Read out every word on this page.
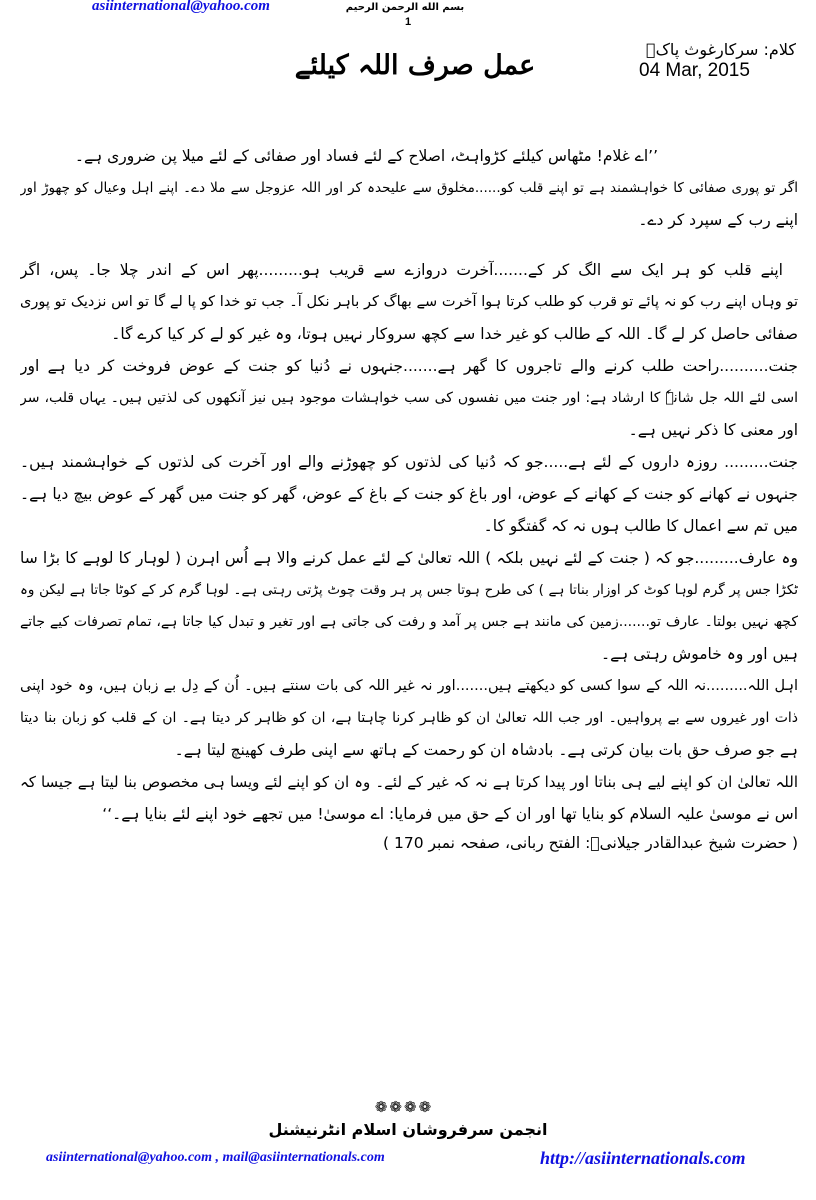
asiinternational@yahoo.com	بسم الله الرحمن الرحیم
1
عمل صرف اللہ کیلئے
کلام: سرکارغوث پاکؓ
04 Mar, 2015
’’اے غلام! مٹھاس کیلئے کڑواہٹ، اصلاح کے لئے فساد اور صفائی کے لئے میلا پن ضروری ہے۔
اگر تو پوری صفائی کا خواہشمند ہے تو اپنے قلب کو......مخلوق سے علیحدہ کر اور اللہ عزوجل سے ملا دے۔ اپنے اہل وعیال کو چھوڑ اور
اپنے رب کے سپرد کر دے۔
اپنے قلب کو ہر ایک سے الگ کر کے.......آخرت دروازے سے قریب ہو.........پھر اس کے اندر چلا جا۔ پس، اگر
تو وہاں اپنے رب کو نہ پائے تو قرب کو طلب کرتا ہوا آخرت سے بھاگ کر باہر نکل آ۔ جب تو خدا کو پا لے گا تو اس نزدیک تو پوری
صفائی حاصل کر لے گا۔ اللہ کے طالب کو غیر خدا سے کچھ سروکار نہیں ہوتا، وہ غیر کو لے کر کیا کرے گا۔
جنت..........راحت طلب کرنے والے تاجروں کا گھر ہے.......جنہوں نے دُنیا کو جنت کے عوض فروخت کر دیا ہے اور
اسی لئے اللہ جل شانہٗ کا ارشاد ہے: اور جنت میں نفسوں کی سب خواہشات موجود ہیں نیز آنکھوں کی لذتیں ہیں۔ یہاں قلب، سر
اور معنی کا ذکر نہیں ہے۔
جنت......... روزہ داروں کے لئے ہے.....جو کہ دُنیا کی لذتوں کو چھوڑنے والے اور آخرت کی لذتوں کے خواہشمند ہیں۔
جنہوں نے کھانے کو جنت کے کھانے کے عوض، اور باغ کو جنت کے باغ کے عوض، گھر کو جنت میں گھر کے عوض بیچ دیا ہے۔
میں تم سے اعمال کا طالب ہوں نہ کہ گفتگو کا۔
وہ عارف.........جو کہ ( جنت کے لئے نہیں بلکہ ) اللہ تعالیٰ کے لئے عمل کرنے والا ہے اُس اہرن ( لوہار کا لوہے کا بڑا سا
ٹکڑا جس پر گرم لوہا کوٹ کر اوزار بناتا ہے ) کی طرح ہوتا جس پر ہر وقت چوٹ پڑتی رہتی ہے۔ لوہا گرم کر کے کوٹا جاتا ہے لیکن وہ
کچھ نہیں بولتا۔ عارف تو.......زمین کی مانند ہے جس پر آمد و رفت کی جاتی ہے اور تغیر و تبدل کیا جاتا ہے، تمام تصرفات کیے جاتے
ہیں اور وہ خاموش رہتی ہے۔
اہل اللہ.........نہ اللہ کے سوا کسی کو دیکھتے ہیں.......اور نہ غیر اللہ کی بات سنتے ہیں۔ اُن کے دِل بے زبان ہیں، وہ خود اپنی
ذات اور غیروں سے بے پرواہیں۔ اور جب اللہ تعالیٰ ان کو ظاہر کرنا چاہتا ہے، ان کو ظاہر کر دیتا ہے۔ ان کے قلب کو زبان بنا دیتا
ہے جو صرف حق بات بیان کرتی ہے۔ بادشاہ ان کو رحمت کے ہاتھ سے اپنی طرف کھینچ لیتا ہے۔
اللہ تعالیٰ ان کو اپنے لیے ہی بناتا اور پیدا کرتا ہے نہ کہ غیر کے لئے۔ وہ ان کو اپنے لئے ویسا ہی مخصوص بنا لیتا ہے جیسا کہ
اس نے موسیٰ علیہ السلام کو بنایا تھا اور ان کے حق میں فرمایا: اے موسیٰ! میں تجھے خود اپنے لئے بنایا ہے۔‘‘
( حضرت شیخ عبدالقادر جیلانیؒ: الفتح ربانی، صفحہ نمبر 170 )
❁❁❁❁
انجمن سرفروشان اسلام انٹرنیشنل
asiinternational@yahoo.com , mail@asiinternationals.com	http://asiinternationals.com
